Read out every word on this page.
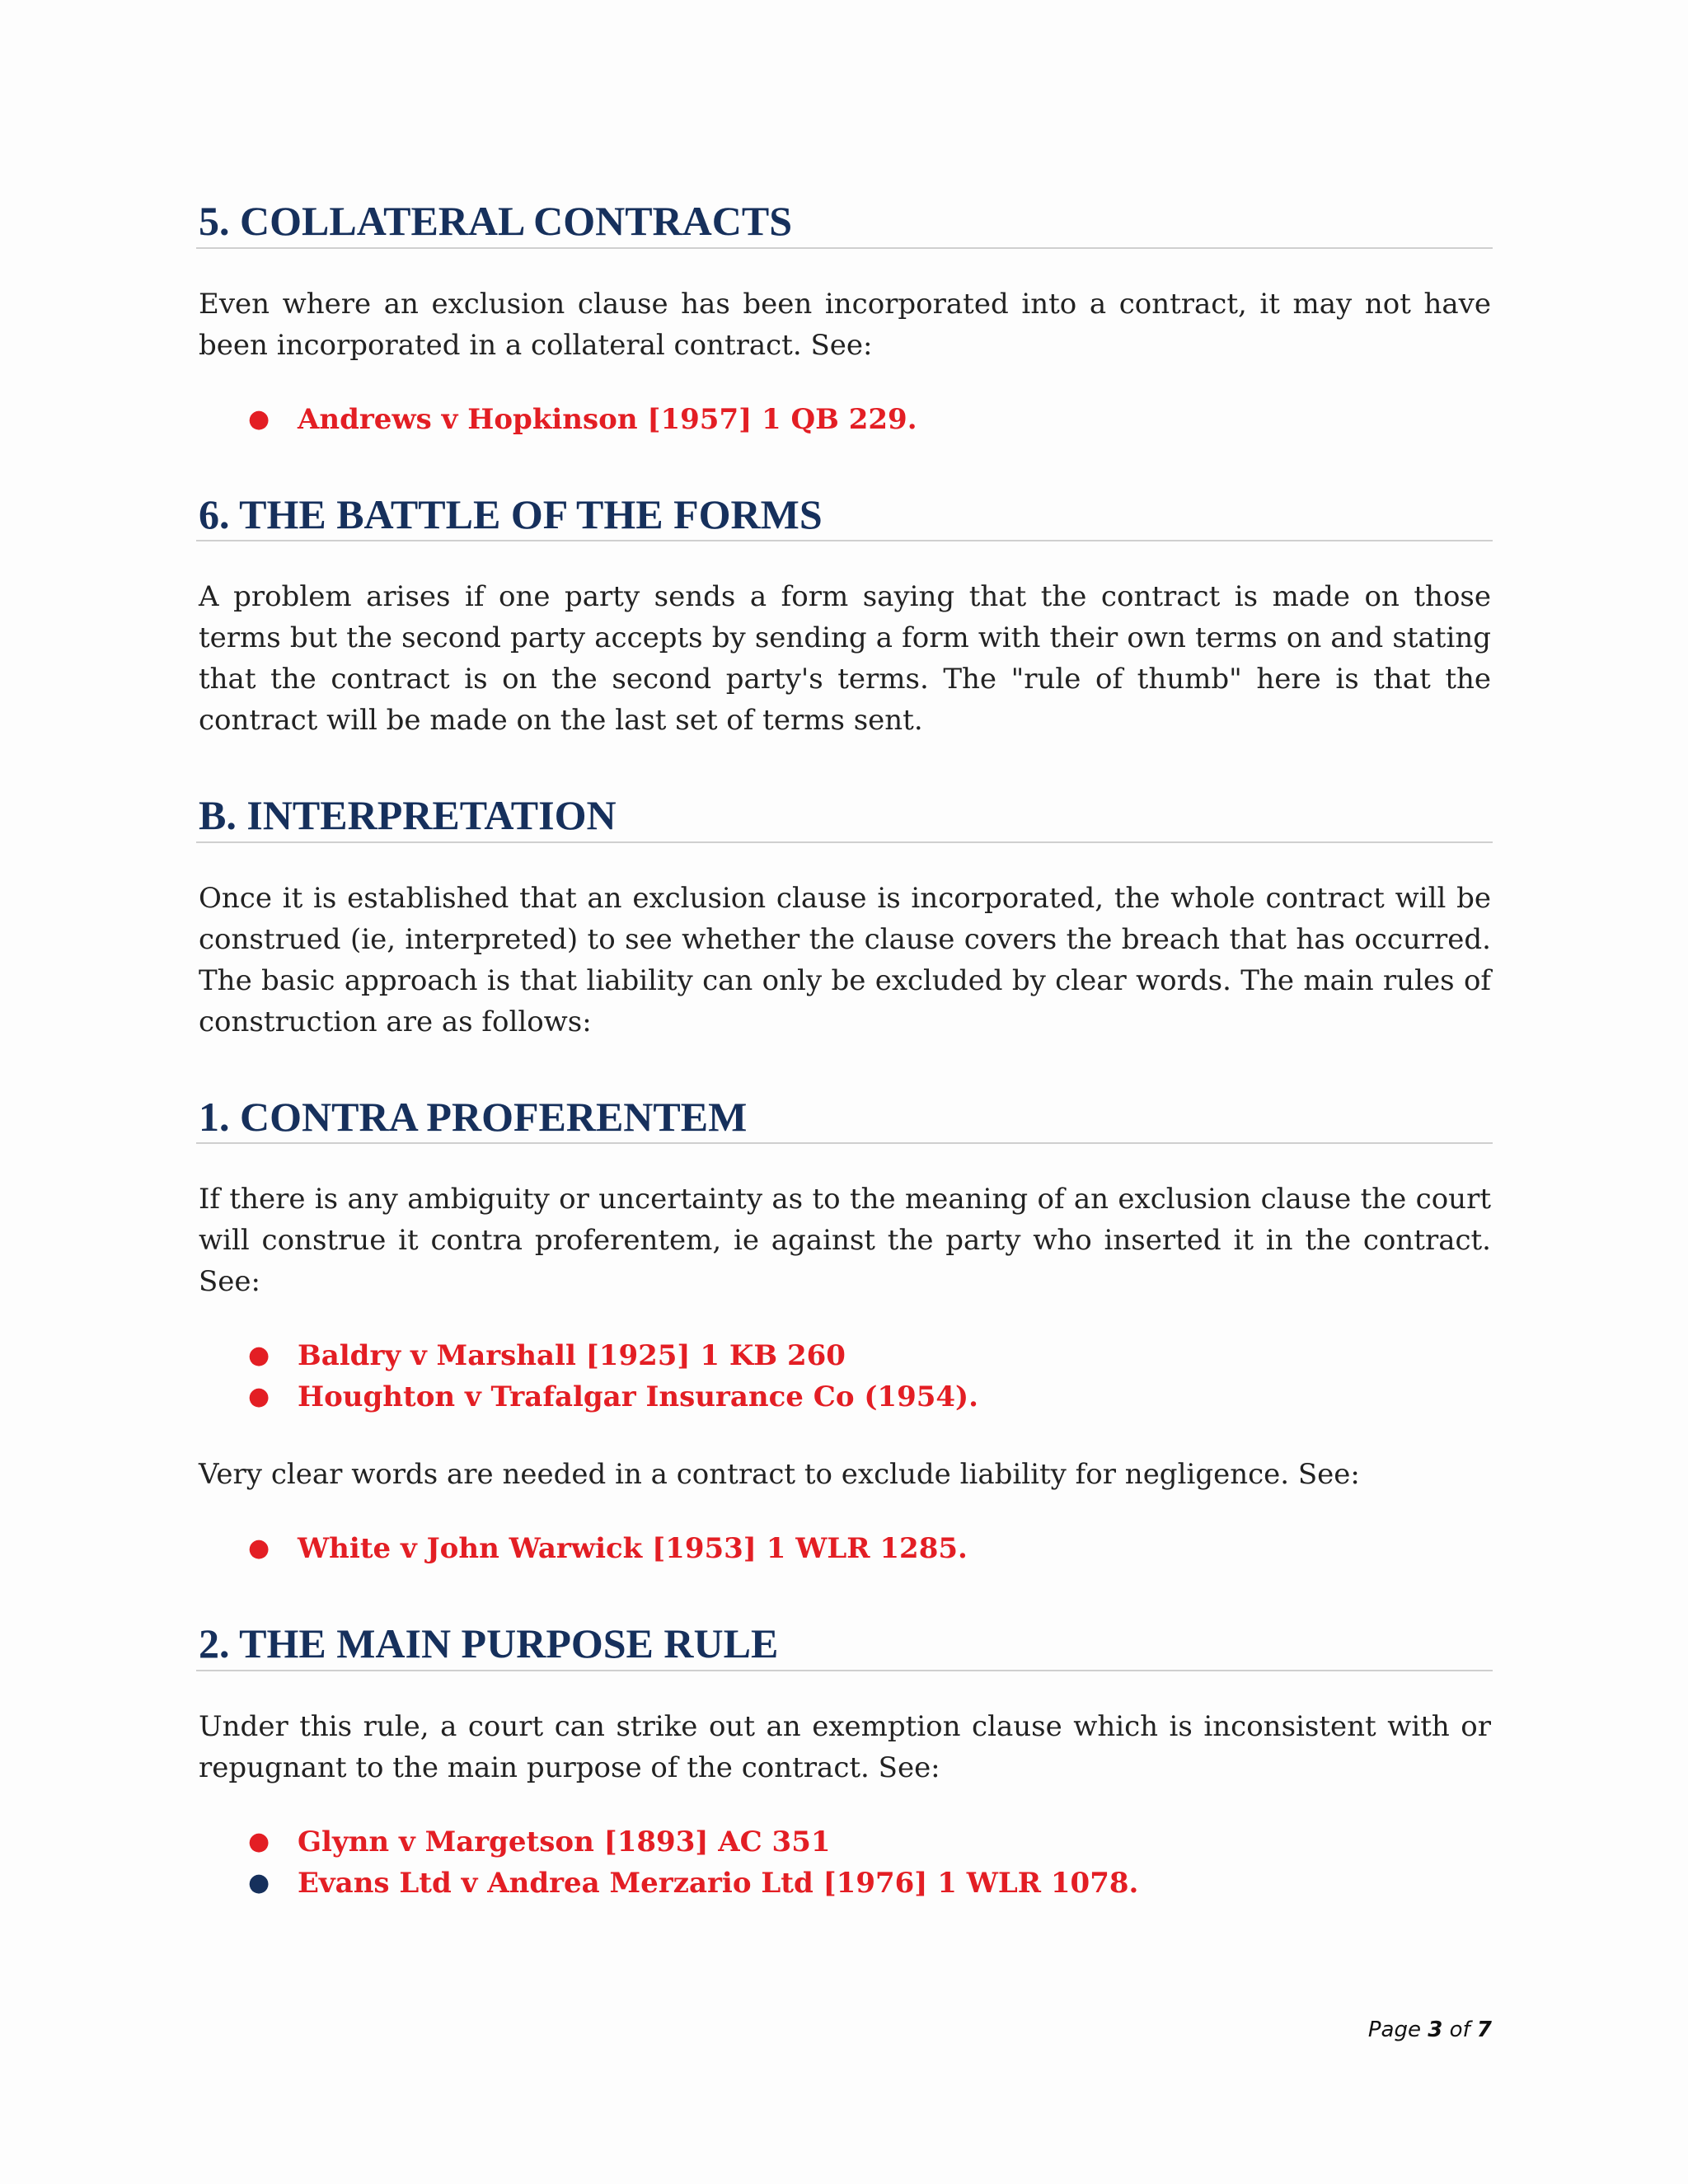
5. COLLATERAL CONTRACTS

Even where an exclusion clause has been incorporated into a contract, it may not have been incorporated in a collateral contract. See:

● Andrews v Hopkinson [1957] 1 QB 229.
6. THE BATTLE OF THE FORMS

A problem arises if one party sends a form saying that the contract is made on those terms but the second party accepts by sending a form with their own terms on and stating that the contract is on the second party's terms. The "rule of thumb" here is that the contract will be made on the last set of terms sent.

B. INTERPRETATION

Once it is established that an exclusion clause is incorporated, the whole contract will be construed (ie, interpreted) to see whether the clause covers the breach that has occurred. The basic approach is that liability can only be excluded by clear words. The main rules of construction are as follows:

1. CONTRA PROFERENTEM

If there is any ambiguity or uncertainty as to the meaning of an exclusion clause the court will construe it contra proferentem, ie against the party who inserted it in the contract. See:

● Baldry v Marshall [1925] 1 KB 260
● Houghton v Trafalgar Insurance Co (1954).

Very clear words are needed in a contract to exclude liability for negligence. See:

● White v John Warwick [1953] 1 WLR 1285.
2. THE MAIN PURPOSE RULE

Under this rule, a court can strike out an exemption clause which is inconsistent with or repugnant to the main purpose of the contract. See:

● Glynn v Margetson [1893] AC 351
● Evans Ltd v Andrea Merzario Ltd [1976] 1 WLR 1078.
Page 3 of 7
